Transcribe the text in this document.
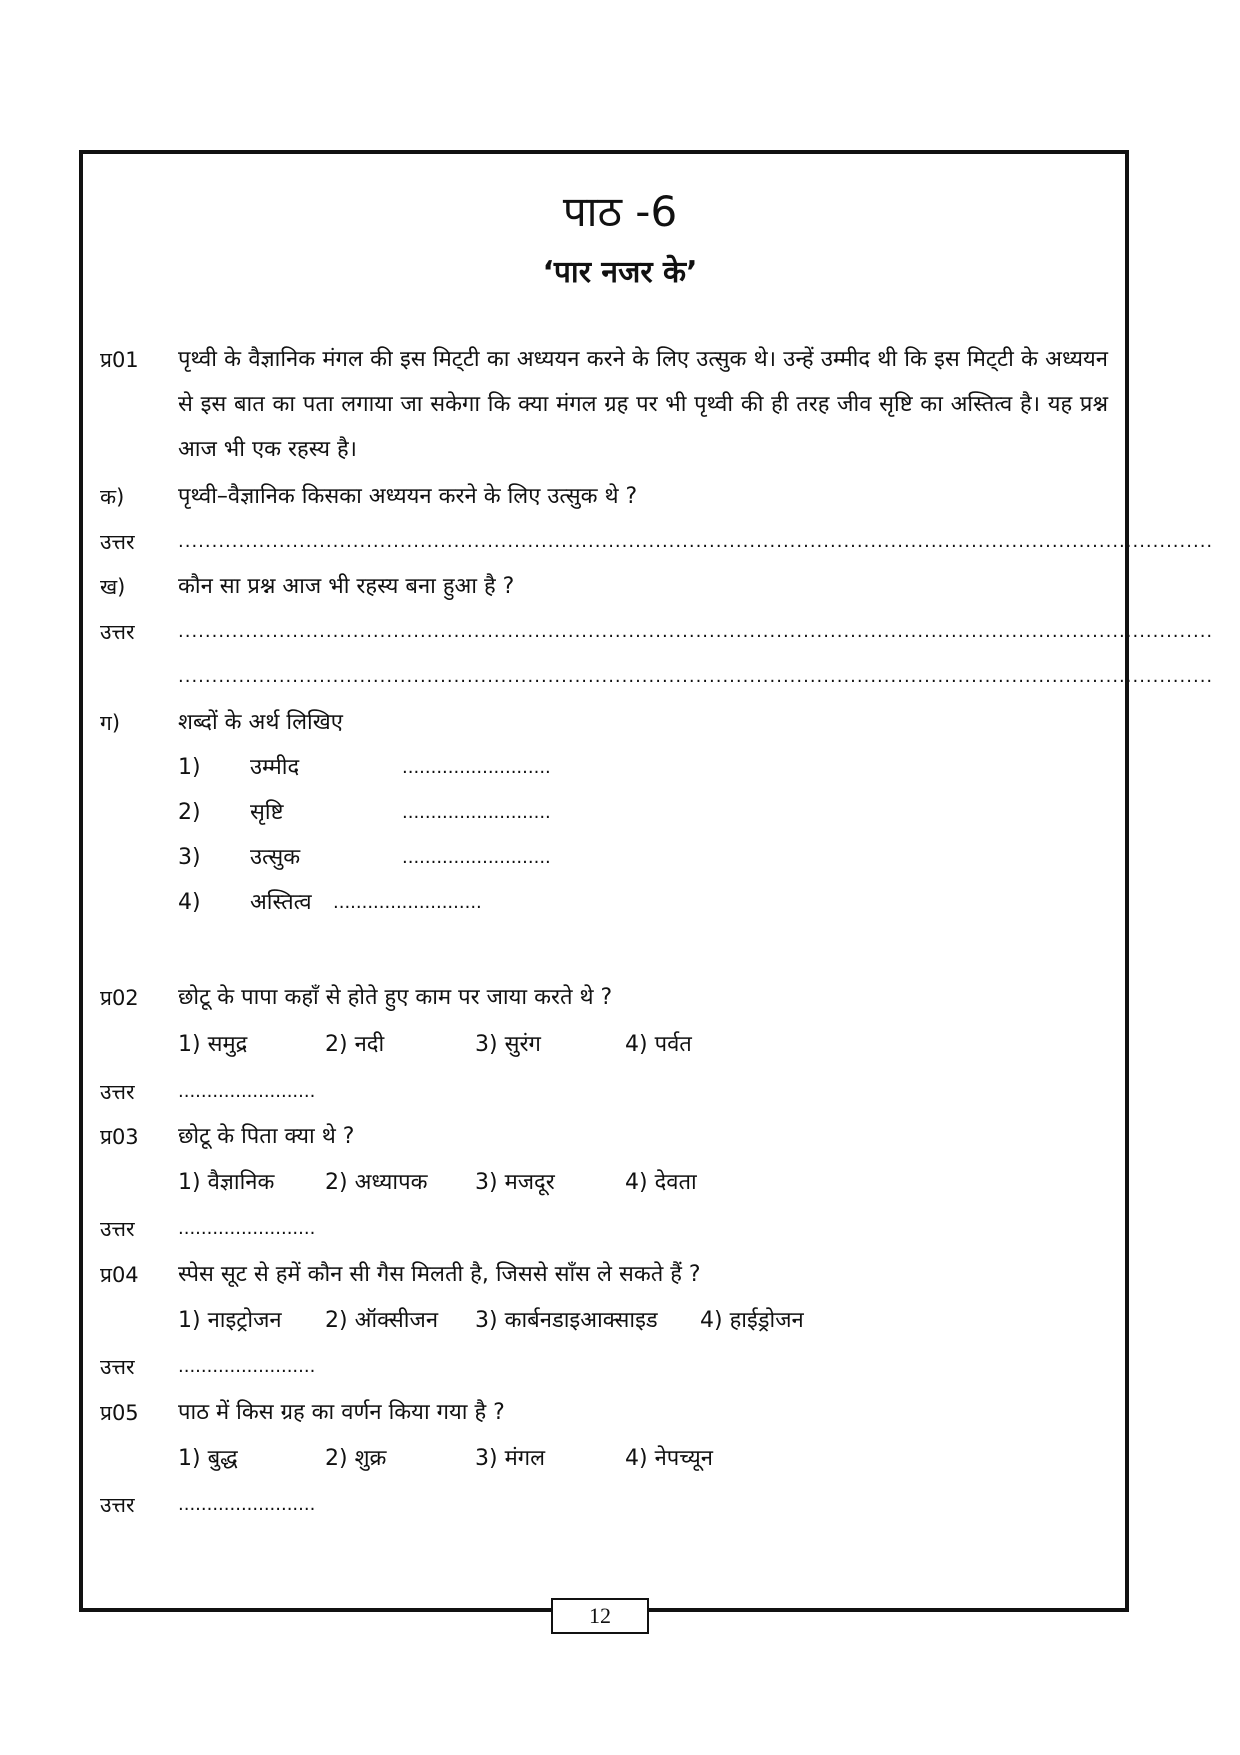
पाठ -6
‘पार नजर के’
प्र01 पृथ्वी के वैज्ञानिक मंगल की इस मिट्‌टी का अध्ययन करने के लिए उत्सुक थे। उन्हें उम्मीद थी कि इस मिट्‌टी के अध्ययन से इस बात का पता लगाया जा सकेगा कि क्या मंगल ग्रह पर भी पृथ्वी की ही तरह जीव सृष्टि का अस्तित्व है। यह प्रश्न आज भी एक रहस्य है।
क) पृथ्वी–वैज्ञानिक किसका अध्ययन करने के लिए उत्सुक थे ?
उत्तर ..........................................................................................................................................................
ख) कौन सा प्रश्न आज भी रहस्य बना हुआ है ?
उत्तर ..........................................................................................................................................................
..........................................................................................................................................................
ग)	शब्दों के अर्थ लिखिए
1) उम्मीद	..........................
2) सृष्टि	..........................
3) उत्सुक	..........................
4) अस्तित्व ..........................
प्र02 छोटू के पापा कहाँ से होते हुए काम पर जाया करते थे ?
1) समुद्र	2) नदी	3) सुरंग	4) पर्वत
उत्तर ........................
प्र03 छोटू के पिता क्या थे ?
1) वैज्ञानिक 2) अध्यापक 3) मजदूर	4) देवता
उत्तर ........................
प्र04 स्पेस सूट से हमें कौन सी गैस मिलती है, जिससे साँस ले सकते हैं ?
1) नाइट्रोजन 2) ऑक्सीजन 3) कार्बनडाइआक्साइड 4) हाईड्रोजन
उत्तर ........................
प्र05 पाठ में किस ग्रह का वर्णन किया गया है ?
1) बुद्ध	2) शुक्र	3) मंगल	4) नेपच्यून
उत्तर ........................
12
